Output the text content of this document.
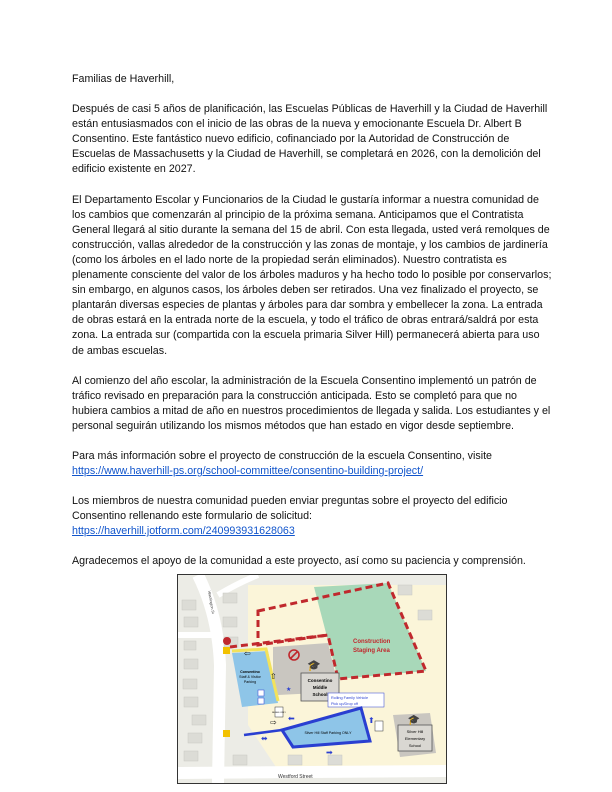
Familias de Haverhill,

Después de casi 5 años de planificación, las Escuelas Públicas de Haverhill y la Ciudad de Haverhill están entusiasmados con el inicio de las obras de la nueva y emocionante Escuela Dr. Albert B Consentino. Este fantástico nuevo edificio, cofinanciado por la Autoridad de Construcción de Escuelas de Massachusetts y la Ciudad de Haverhill, se completará en 2026, con la demolición del edificio existente en 2027.

El Departamento Escolar y Funcionarios de la Ciudad le gustaría informar a nuestra comunidad de los cambios que comenzarán al principio de la próxima semana. Anticipamos que el Contratista General llegará al sitio durante la semana del 15 de abril. Con esta llegada, usted verá remolques de construcción, vallas alrededor de la construcción y las zonas de montaje, y los cambios de jardinería (como los árboles en el lado norte de la propiedad serán eliminados). Nuestro contratista es plenamente consciente del valor de los árboles maduros y ha hecho todo lo posible por conservarlos; sin embargo, en algunos casos, los árboles deben ser retirados. Una vez finalizado el proyecto, se plantarán diversas especies de plantas y árboles para dar sombra y embellecer la zona. La entrada de obras estará en la entrada norte de la escuela, y todo el tráfico de obras entrará/saldrá por esta zona. La entrada sur (compartida con la escuela primaria Silver Hill) permanecerá abierta para uso de ambas escuelas.

Al comienzo del año escolar, la administración de la Escuela Consentino implementó un patrón de tráfico revisado en preparación para la construcción anticipada. Esto se completó para que no hubiera cambios a mitad de año en nuestros procedimientos de llegada y salida. Los estudiantes y el personal seguirán utilizando los mismos métodos que han estado en vigor desde septiembre.

Para más información sobre el proyecto de construcción de la escuela Consentino, visite
https://www.haverhill-ps.org/school-committee/consentino-building-project/

Los miembros de nuestra comunidad pueden enviar preguntas sobre el proyecto del edificio Consentino rellenando este formulario de solicitud:
https://haverhill.jotform.com/240993931628063

Agradecemos el apoyo de la comunidad a este proyecto, así como su paciencia y comprensión.

Washington St
Construction
Staging Area
Consentino
Middle
School
🎓
Consentino
Staff & Visitor
Parking
★
⇦
⇨
⇧
Rolling Family Vehicle
Pick up/Drop off
Silver Hill Staff Parking ONLY
⬌
➡
⬅	⬆
BUSES ONLY
Silver Hill
Elementary
School
🎓
Westford Street
